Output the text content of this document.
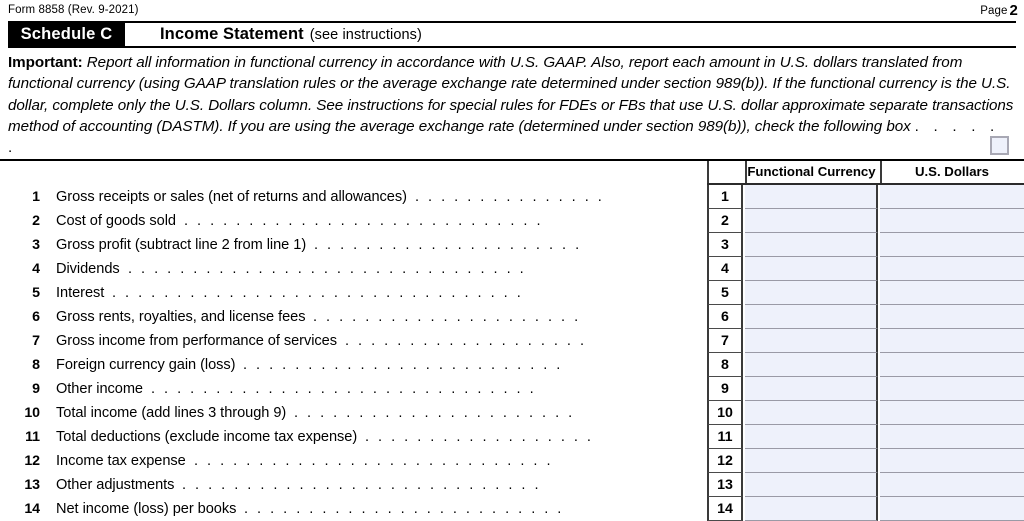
Form 8858 (Rev. 9-2021)	Page 2
Schedule C	Income Statement (see instructions)
Important: Report all information in functional currency in accordance with U.S. GAAP. Also, report each amount in U.S. dollars translated from functional currency (using GAAP translation rules or the average exchange rate determined under section 989(b)). If the functional currency is the U.S. dollar, complete only the U.S. Dollars column. See instructions for special rules for FDEs or FBs that use U.S. dollar approximate separate transactions method of accounting (DASTM). If you are using the average exchange rate (determined under section 989(b)), check the following box . . . . . .
Functional Currency	U.S. Dollars
1 Gross receipts or sales (net of returns and allowances) ...............	1
2 Cost of goods sold ............................	2
3 Gross profit (subtract line 2 from line 1) .....................	3
4 Dividends ...............................	4
5 Interest ................................	5
6 Gross rents, royalties, and license fees .....................	6
7 Gross income from performance of services ...................	7
8 Foreign currency gain (loss) .........................	8
9 Other income ..............................	9
10 Total income (add lines 3 through 9) ......................	10
11 Total deductions (exclude income tax expense) ..................	11
12 Income tax expense ............................	12
13 Other adjustments ............................	13
14 Net income (loss) per books .........................	14
